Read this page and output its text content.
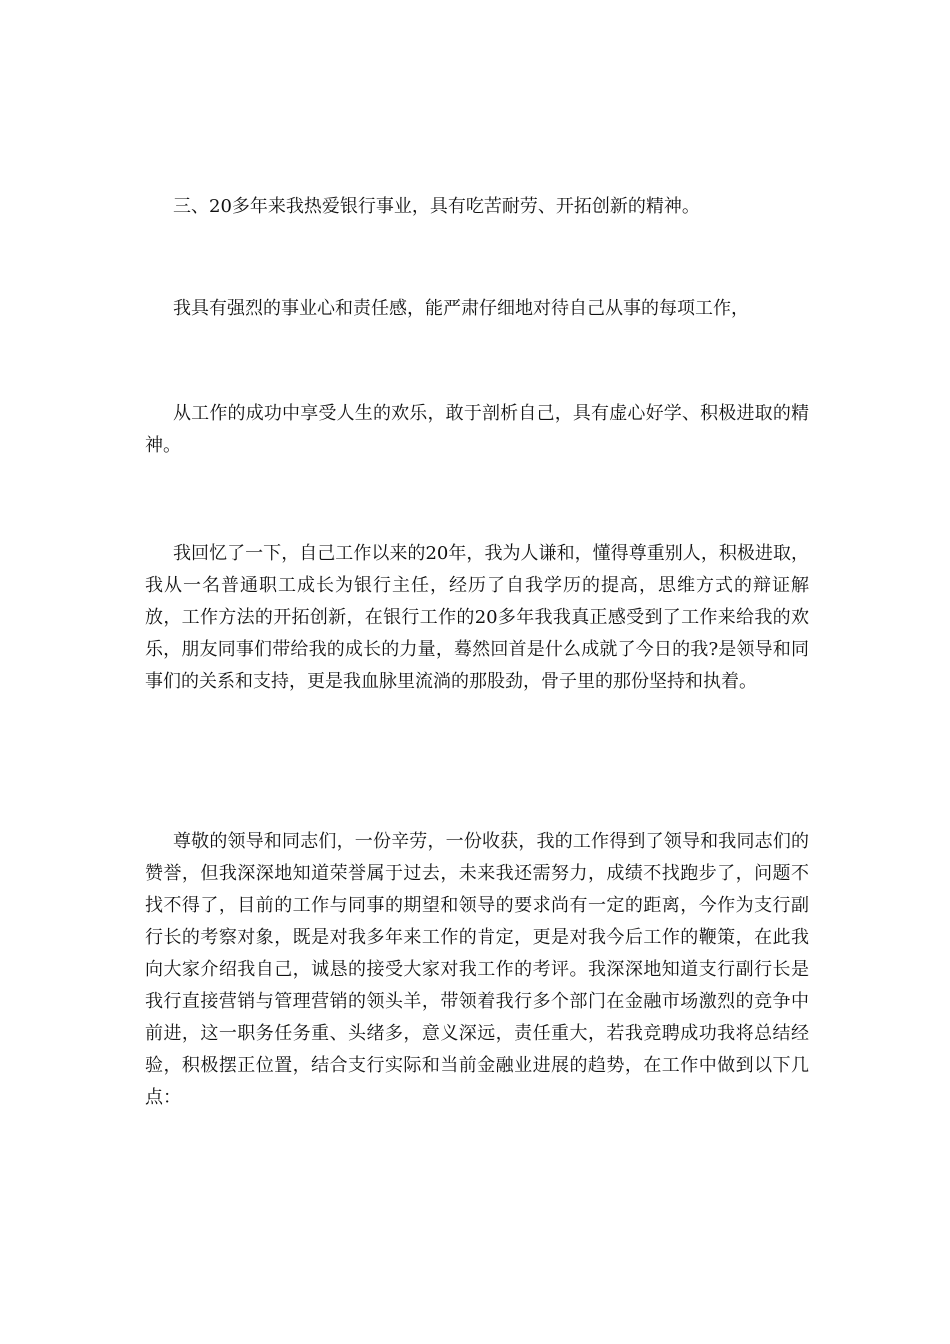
三、20多年来我热爱银行事业，具有吃苦耐劳、开拓创新的精神。

我具有强烈的事业心和责任感，能严肃仔细地对待自己从事的每项工作，

从工作的成功中享受人生的欢乐，敢于剖析自己，具有虚心好学、积极进取的精神。

我回忆了一下，自己工作以来的20年，我为人谦和，懂得尊重别人，积极进取，我从一名普通职工成长为银行主任，经历了自我学历的提高，思维方式的辩证解放，工作方法的开拓创新，在银行工作的20多年我我真正感受到了工作来给我的欢乐，朋友同事们带给我的成长的力量，蓦然回首是什么成就了今日的我?是领导和同事们的关系和支持，更是我血脉里流淌的那股劲，骨子里的那份坚持和执着。

尊敬的领导和同志们，一份辛劳，一份收获，我的工作得到了领导和我同志们的赞誉，但我深深地知道荣誉属于过去，未来我还需努力，成绩不找跑步了，问题不找不得了，目前的工作与同事的期望和领导的要求尚有一定的距离，今作为支行副行长的考察对象，既是对我多年来工作的肯定，更是对我今后工作的鞭策，在此我向大家介绍我自己，诚恳的接受大家对我工作的考评。我深深地知道支行副行长是我行直接营销与管理营销的领头羊，带领着我行多个部门在金融市场激烈的竞争中前进，这一职务任务重、头绪多，意义深远，责任重大，若我竞聘成功我将总结经验，积极摆正位置，结合支行实际和当前金融业进展的趋势，在工作中做到以下几点：
